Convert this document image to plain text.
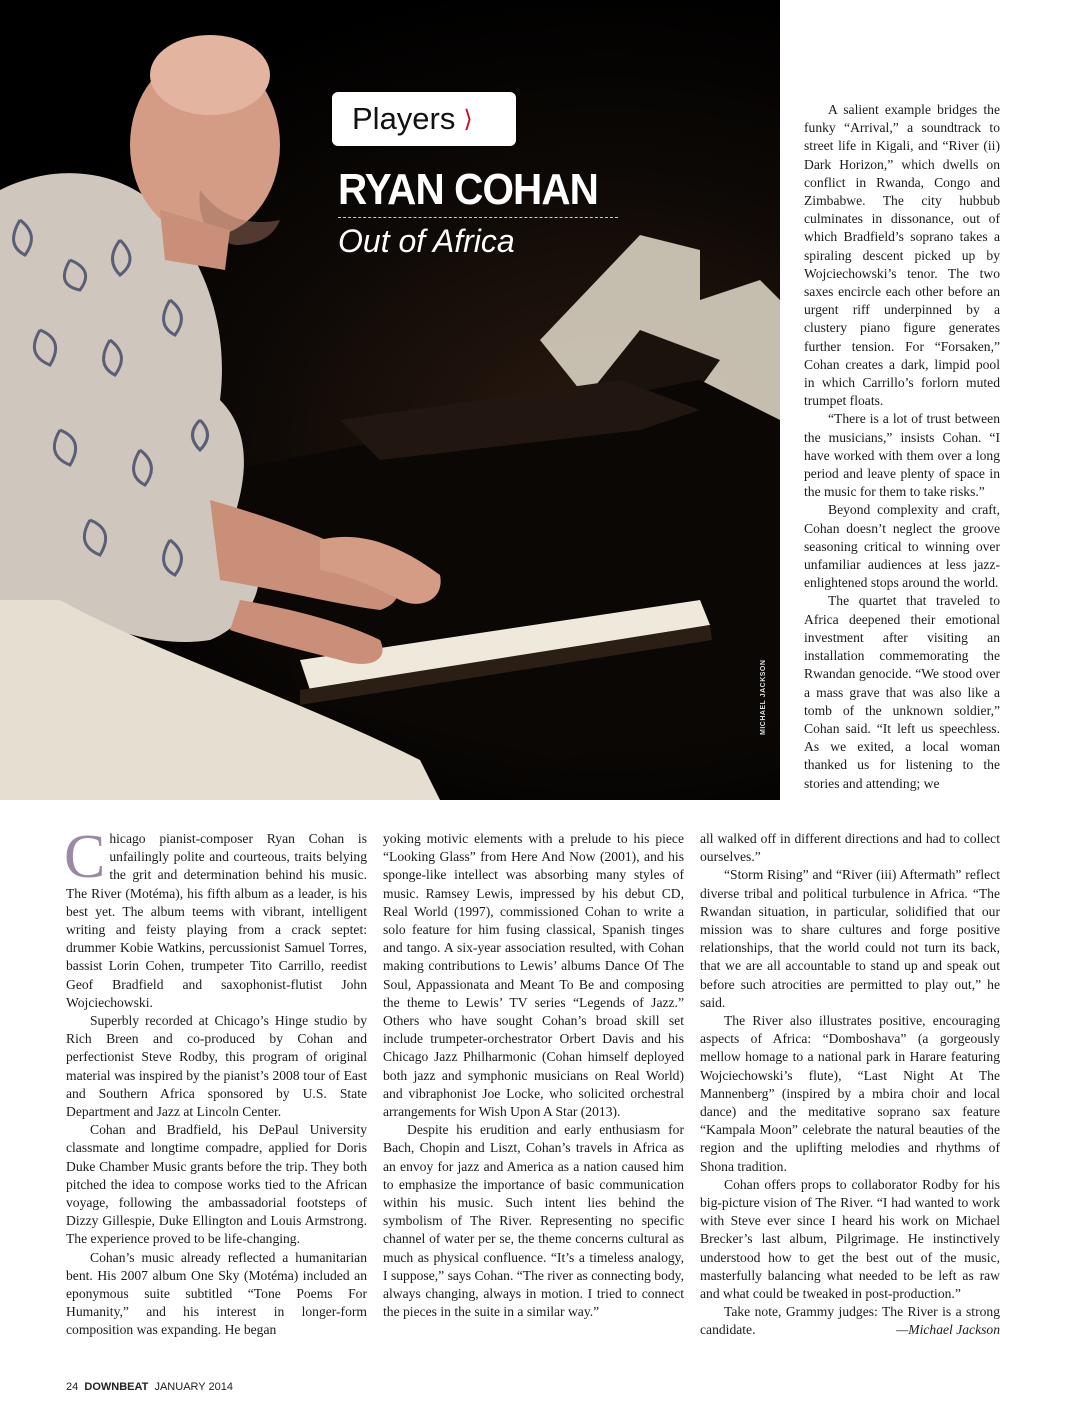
MICHAEL JACKSON
Players ⟩
RYAN COHAN
Out of Africa

A salient example bridges the funky “Arrival,” a soundtrack to street life in Kigali, and “River (ii) Dark Horizon,” which dwells on conflict in Rwanda, Congo and Zimbabwe. The city hubbub culminates in dissonance, out of which Bradfield’s soprano takes a spiraling descent picked up by Wojciechowski’s tenor. The two saxes encircle each other before an urgent riff underpinned by a clustery piano figure generates further tension. For “Forsaken,” Cohan creates a dark, limpid pool in which Carrillo’s forlorn muted trumpet floats.

“There is a lot of trust between the musicians,” insists Cohan. “I have worked with them over a long period and leave plenty of space in the music for them to take risks.”

Beyond complexity and craft, Cohan doesn’t neglect the groove seasoning critical to winning over unfamiliar audiences at less jazz-enlightened stops around the world.

The quartet that traveled to Africa deepened their emotional investment after visiting an installation commemorating the Rwandan genocide. “We stood over a mass grave that was also like a tomb of the unknown soldier,” Cohan said. “It left us speechless. As we exited, a local woman thanked us for listening to the stories and attending; we

Chicago pianist-composer Ryan Cohan is unfailingly polite and courteous, traits belying the grit and determination behind his music. The River (Motéma), his fifth album as a leader, is his best yet. The album teems with vibrant, intelligent writing and feisty playing from a crack septet: drummer Kobie Watkins, percussionist Samuel Torres, bassist Lorin Cohen, trumpeter Tito Carrillo, reedist Geof Bradfield and saxophonist-flutist John Wojciechowski.

Superbly recorded at Chicago’s Hinge studio by Rich Breen and co-produced by Cohan and perfectionist Steve Rodby, this program of original material was inspired by the pianist’s 2008 tour of East and Southern Africa sponsored by U.S. State Department and Jazz at Lincoln Center.

Cohan and Bradfield, his DePaul University classmate and longtime compadre, applied for Doris Duke Chamber Music grants before the trip. They both pitched the idea to compose works tied to the African voyage, following the ambassadorial footsteps of Dizzy Gillespie, Duke Ellington and Louis Armstrong. The experience proved to be life-changing.

Cohan’s music already reflected a humanitarian bent. His 2007 album One Sky (Motéma) included an eponymous suite subtitled “Tone Poems For Humanity,” and his interest in longer-form composition was expanding. He began

yoking motivic elements with a prelude to his piece “Looking Glass” from Here And Now (2001), and his sponge-like intellect was absorbing many styles of music. Ramsey Lewis, impressed by his debut CD, Real World (1997), commissioned Cohan to write a solo feature for him fusing classical, Spanish tinges and tango. A six-year association resulted, with Cohan making contributions to Lewis’ albums Dance Of The Soul, Appassionata and Meant To Be and composing the theme to Lewis’ TV series “Legends of Jazz.” Others who have sought Cohan’s broad skill set include trumpeter-orchestrator Orbert Davis and his Chicago Jazz Philharmonic (Cohan himself deployed both jazz and symphonic musicians on Real World) and vibraphonist Joe Locke, who solicited orchestral arrangements for Wish Upon A Star (2013).

Despite his erudition and early enthusiasm for Bach, Chopin and Liszt, Cohan’s travels in Africa as an envoy for jazz and America as a nation caused him to emphasize the importance of basic communication within his music. Such intent lies behind the symbolism of The River. Representing no specific channel of water per se, the theme concerns cultural as much as physical confluence. “It’s a timeless analogy, I suppose,” says Cohan. “The river as connecting body, always changing, always in motion. I tried to connect the pieces in the suite in a similar way.”

all walked off in different directions and had to collect ourselves.”

“Storm Rising” and “River (iii) Aftermath” reflect diverse tribal and political turbulence in Africa. “The Rwandan situation, in particular, solidified that our mission was to share cultures and forge positive relationships, that the world could not turn its back, that we are all accountable to stand up and speak out before such atrocities are permitted to play out,” he said.

The River also illustrates positive, encouraging aspects of Africa: “Domboshava” (a gorgeously mellow homage to a national park in Harare featuring Wojciechowski’s flute), “Last Night At The Mannenberg” (inspired by a mbira choir and local dance) and the meditative soprano sax feature “Kampala Moon” celebrate the natural beauties of the region and the uplifting melodies and rhythms of Shona tradition.

Cohan offers props to collaborator Rodby for his big-picture vision of The River. “I had wanted to work with Steve ever since I heard his work on Michael Brecker’s last album, Pilgrimage. He instinctively understood how to get the best out of the music, masterfully balancing what needed to be left as raw and what could be tweaked in post-production.”

Take note, Grammy judges: The River is a strong candidate.	—Michael Jackson

24 DOWNBEAT JANUARY 2014
